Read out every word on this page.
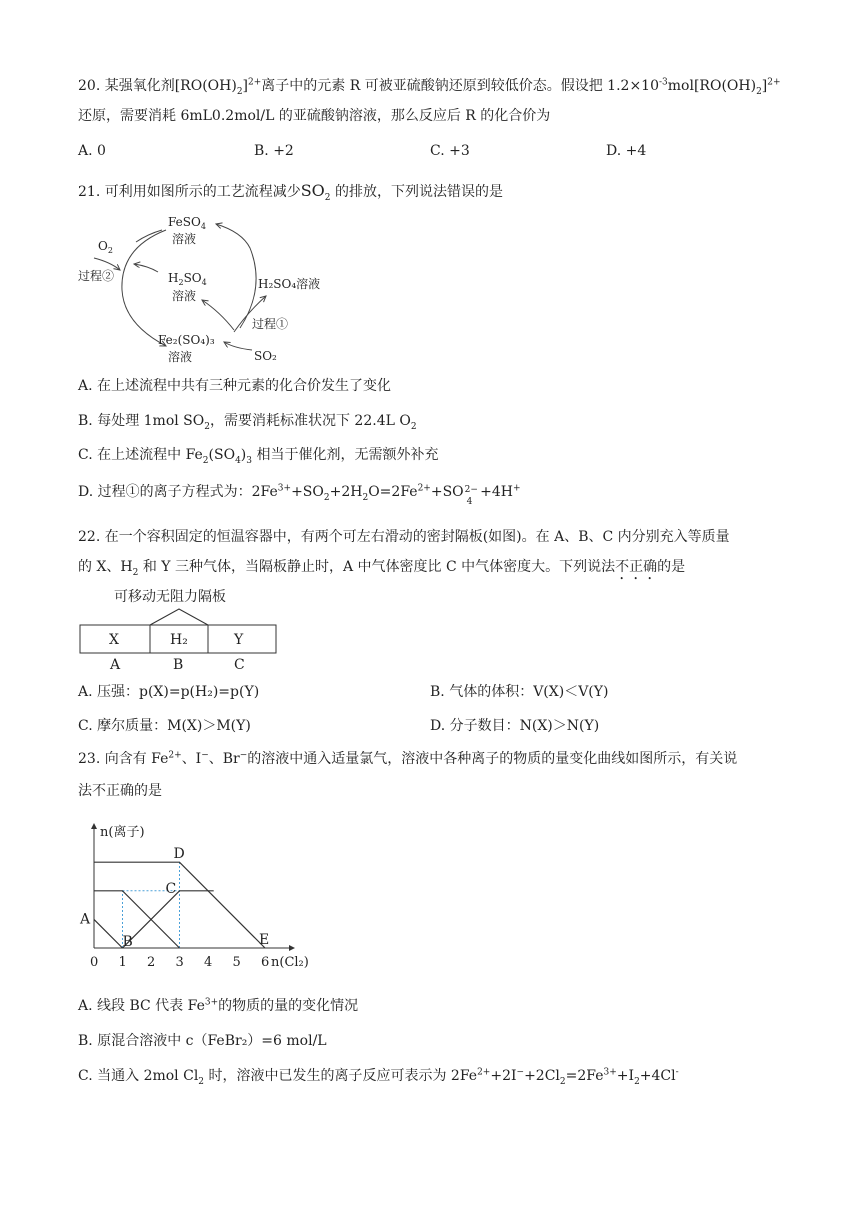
20. 某强氧化剂$[RO(OH)_2]^{2+}$离子中的元素 R 可被亚硫酸钠还原到较低价态。假设把 $1.2\times 10^{-3}mol[RO(OH)_2]^{2+}$
还原，需要消耗 6mL0.2mol/L 的亚硫酸钠溶液，那么反应后 R 的化合价为
A. 0	B. +2	C. +3	D. +4
21. 可利用如图所示的工艺流程减少$SO_2$ 的排放，下列说法错误的是
FeSO$_4$
溶液
$O_2$
过程②	$H_2SO_4$
溶液
H₂SO₄溶液
过程①
Fe₂(SO₄)₃
溶液	SO₂
A. 在上述流程中共有三种元素的化合价发生了变化
B. 每处理 1mol $SO_2$，需要消耗标准状况下 22.4L $O_2$
C. 在上述流程中 $Fe_2(SO_4)_3$ 相当于催化剂，无需额外补充
D. 过程①的离子方程式为：$2Fe^{3+}+SO_2+2H_2O=2Fe^{2+}+SO$ 2−
4
+4H+
22. 在一个容积固定的恒温容器中，有两个可左右滑动的密封隔板(如图)。在 A、B、C 内分别充入等质量
的 X、$H_2$ 和 Y 三种气体，当隔板静止时，A 中气体密度比 C 中气体密度大。下列说法不正确的是
可移动无阻力隔板
X	H₂	Y
A	B	C
A. 压强：p(X)=p(H₂)=p(Y)	B. 气体的体积：V(X)＜V(Y)
C. 摩尔质量：M(X)＞M(Y)	D. 分子数目：N(X)＞N(Y)
23. 向含有 $Fe^{2+}$、I−、Br−的溶液中通入适量氯气，溶液中各种离子的物质的量变化曲线如图所示，有关说
法不正确的是
n(离子)
n(Cl₂)
0 1 2 3 4 5 6
A
B
C
D
E
A. 线段 BC 代表 $Fe^{3+}$的物质的量的变化情况
B. 原混合溶液中 c（FeBr₂）=6 mol/L
C. 当通入 2mol $Cl_2$ 时，溶液中已发生的离子反应可表示为 $2Fe^{2+}+2I^-+2Cl_2=2Fe^{3+}+I_2+4Cl^-$
